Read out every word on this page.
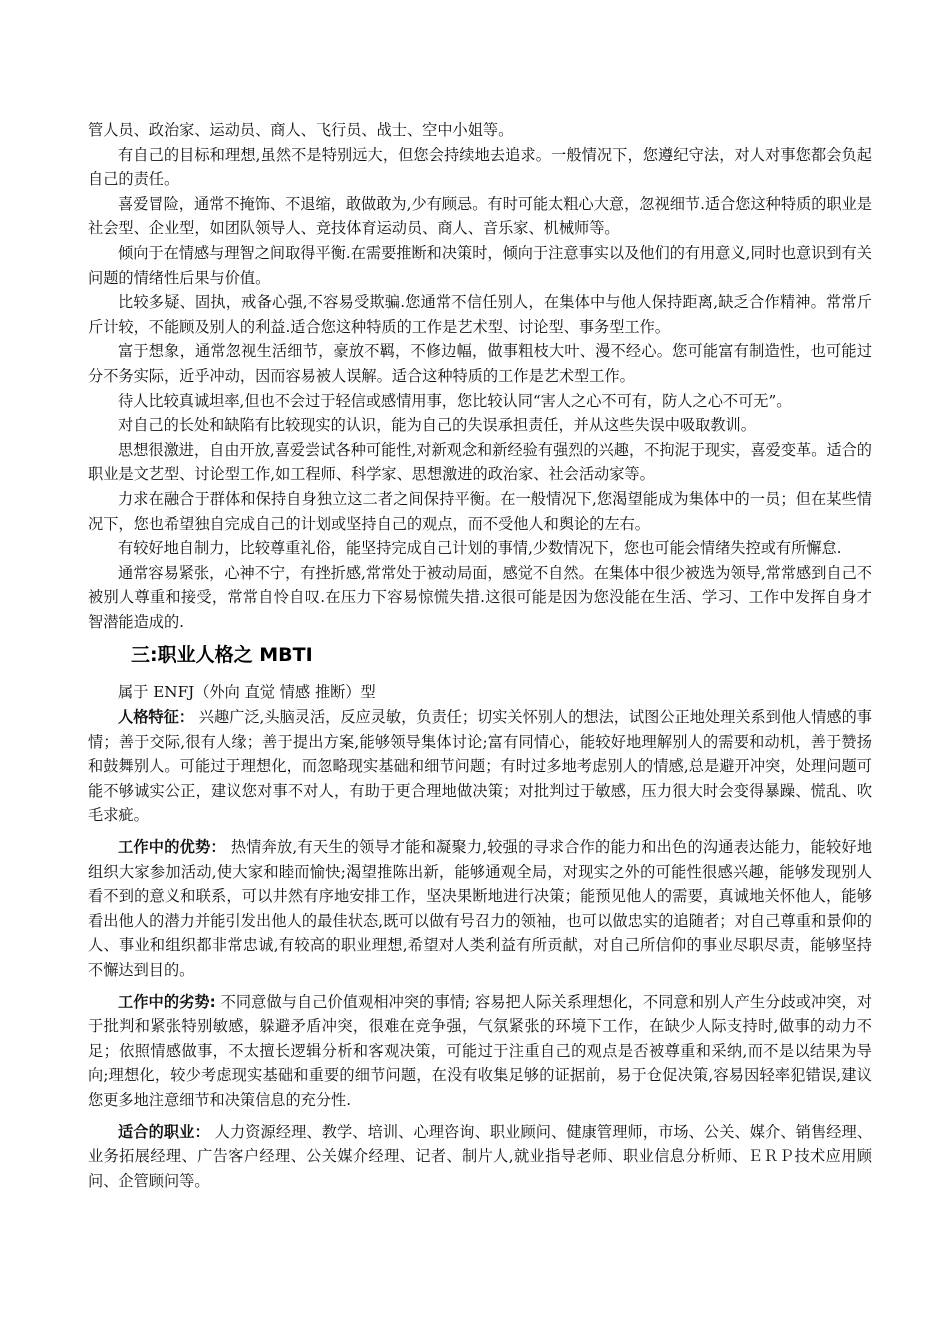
管人员、政治家、运动员、商人、飞行员、战士、空中小姐等。

有自己的目标和理想,虽然不是特别远大，但您会持续地去追求。一般情况下，您遵纪守法，对人对事您都会负起自己的责任。

喜爱冒险，通常不掩饰、不退缩，敢做敢为,少有顾忌。有时可能太粗心大意，忽视细节.适合您这种特质的职业是社会型、企业型，如团队领导人、竞技体育运动员、商人、音乐家、机械师等。

倾向于在情感与理智之间取得平衡.在需要推断和决策时，倾向于注意事实以及他们的有用意义,同时也意识到有关问题的情绪性后果与价值。

比较多疑、固执，戒备心强,不容易受欺骗.您通常不信任别人，在集体中与他人保持距离,缺乏合作精神。常常斤斤计较，不能顾及别人的利益.适合您这种特质的工作是艺术型、讨论型、事务型工作。

富于想象，通常忽视生活细节，豪放不羁，不修边幅，做事粗枝大叶、漫不经心。您可能富有制造性，也可能过分不务实际，近乎冲动，因而容易被人误解。适合这种特质的工作是艺术型工作。

待人比较真诚坦率,但也不会过于轻信或感情用事，您比较认同“害人之心不可有，防人之心不可无”。

对自己的长处和缺陷有比较现实的认识，能为自己的失误承担责任，并从这些失误中吸取教训。

思想很激进，自由开放,喜爱尝试各种可能性,对新观念和新经验有强烈的兴趣，不拘泥于现实，喜爱变革。适合的职业是文艺型、讨论型工作,如工程师、科学家、思想激进的政治家、社会活动家等。

力求在融合于群体和保持自身独立这二者之间保持平衡。在一般情况下,您渴望能成为集体中的一员；但在某些情况下，您也希望独自完成自己的计划或坚持自己的观点，而不受他人和舆论的左右。

有较好地自制力，比较尊重礼俗，能坚持完成自己计划的事情,少数情况下，您也可能会情绪失控或有所懈怠.

通常容易紧张，心神不宁，有挫折感,常常处于被动局面，感觉不自然。在集体中很少被选为领导,常常感到自己不被别人尊重和接受，常常自怜自叹.在压力下容易惊慌失措.这很可能是因为您没能在生活、学习、工作中发挥自身才智潜能造成的.

三:职业人格之 MBTI

属于 ENFJ（外向 直觉 情感 推断）型

人格特征： 兴趣广泛,头脑灵活，反应灵敏，负责任；切实关怀别人的想法，试图公正地处理关系到他人情感的事情；善于交际,很有人缘；善于提出方案,能够领导集体讨论;富有同情心，能较好地理解别人的需要和动机，善于赞扬和鼓舞别人。可能过于理想化，而忽略现实基础和细节问题；有时过多地考虑别人的情感,总是避开冲突，处理问题可能不够诚实公正，建议您对事不对人，有助于更合理地做决策；对批判过于敏感，压力很大时会变得暴躁、慌乱、吹毛求疵。

工作中的优势： 热情奔放,有天生的领导才能和凝聚力,较强的寻求合作的能力和出色的沟通表达能力，能较好地组织大家参加活动,使大家和睦而愉快;渴望推陈出新，能够通观全局，对现实之外的可能性很感兴趣，能够发现别人看不到的意义和联系，可以井然有序地安排工作，坚决果断地进行决策；能预见他人的需要，真诚地关怀他人，能够看出他人的潜力并能引发出他人的最佳状态,既可以做有号召力的领袖，也可以做忠实的追随者；对自己尊重和景仰的人、事业和组织都非常忠诚,有较高的职业理想,希望对人类利益有所贡献，对自己所信仰的事业尽职尽责，能够坚持不懈达到目的。

工作中的劣势: 不同意做与自己价值观相冲突的事情; 容易把人际关系理想化，不同意和别人产生分歧或冲突，对于批判和紧张特别敏感，躲避矛盾冲突，很难在竞争强，气氛紧张的环境下工作，在缺少人际支持时,做事的动力不足；依照情感做事，不太擅长逻辑分析和客观决策，可能过于注重自己的观点是否被尊重和采纳,而不是以结果为导向;理想化，较少考虑现实基础和重要的细节问题，在没有收集足够的证据前，易于仓促决策,容易因轻率犯错误,建议您更多地注意细节和决策信息的充分性.

适合的职业： 人力资源经理、教学、培训、心理咨询、职业顾问、健康管理师，市场、公关、媒介、销售经理、业务拓展经理、广告客户经理、公关媒介经理、记者、制片人,就业指导老师、职业信息分析师、ＥＲＰ技术应用顾问、企管顾问等。
